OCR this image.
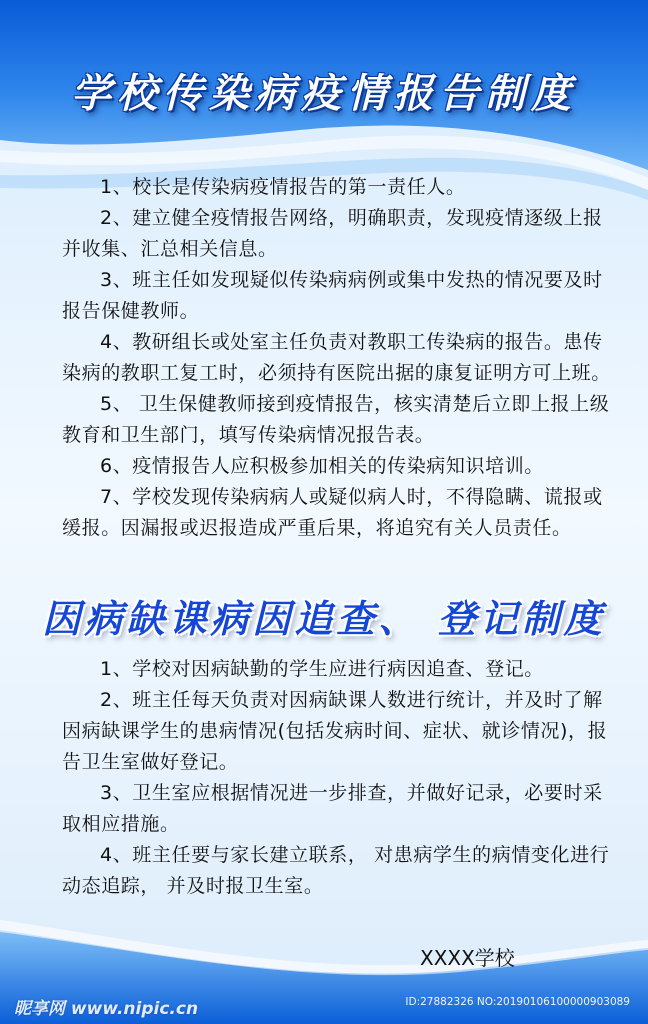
学校传染病疫情报告制度

1、校长是传染病疫情报告的第一责任人。

2、建立健全疫情报告网络，明确职责，发现疫情逐级上报并收集、汇总相关信息。

3、班主任如发现疑似传染病病例或集中发热的情况要及时报告保健教师。

4、教研组长或处室主任负责对教职工传染病的报告。患传染病的教职工复工时，必须持有医院出据的康复证明方可上班。

5、 卫生保健教师接到疫情报告，核实清楚后立即上报上级教育和卫生部门，填写传染病情况报告表。

6、疫情报告人应积极参加相关的传染病知识培训。

7、学校发现传染病病人或疑似病人时，不得隐瞒、谎报或缓报。因漏报或迟报造成严重后果，将追究有关人员责任。

因病缺课病因追查、 登记制度

1、学校对因病缺勤的学生应进行病因追查、登记。

2、班主任每天负责对因病缺课人数进行统计，并及时了解因病缺课学生的患病情况(包括发病时间、症状、就诊情况)，报告卫生室做好登记。

3、卫生室应根据情况进一步排查，并做好记录，必要时采取相应措施。

4、班主任要与家长建立联系， 对患病学生的病情变化进行动态追踪， 并及时报卫生室。

XXXX学校
昵享网 www.nipic.cn	ID:27882326 NO:20190106100000903089
